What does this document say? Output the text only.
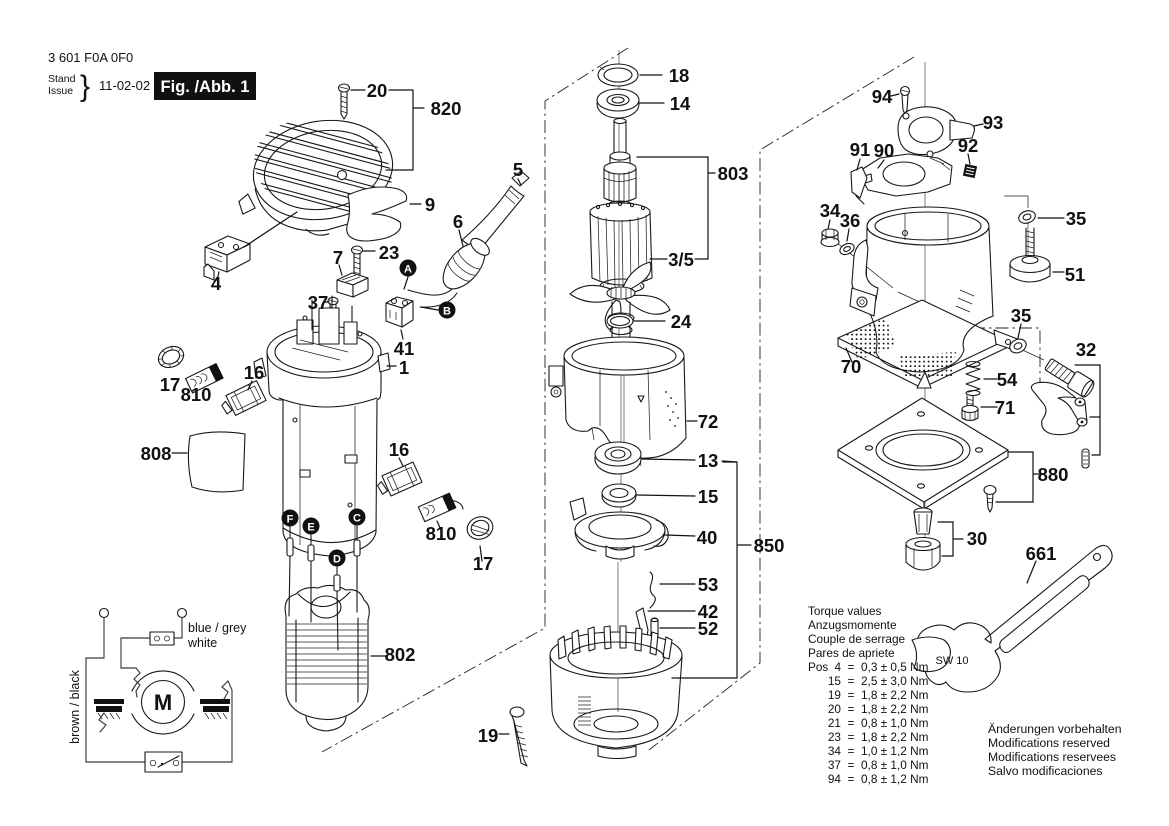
20
820
18
14
5	803
9
6
23
7
4
3/5
37
41
1
17 810
16
808	16
810
17
802
24
72
13
15
40 850
53
42
52
19
94
93
92
91 90
34 36	35
51
35
32
70
54
71
880
30
661
SW 10
A
B
C
D
E
F
blue / grey
white
brown / black	M
3 601 F0A 0F0
Stand
Issue } 11-02-02 Fig. /Abb. 1
Torque values
Anzugsmomente
Couple de serrage
Pares de apriete
Pos 4 = 0,3 ± 0,5 Nm
15 = 2,5 ± 3,0 Nm
19 = 1,8 ± 2,2 Nm
20 = 1,8 ± 2,2 Nm
21 = 0,8 ± 1,0 Nm
23 = 1,8 ± 2,2 Nm
34 = 1,0 ± 1,2 Nm
37 = 0,8 ± 1,0 Nm
94 = 0,8 ± 1,2 Nm
Änderungen vorbehalten
Modifications reserved
Modifications reservees
Salvo modificaciones
